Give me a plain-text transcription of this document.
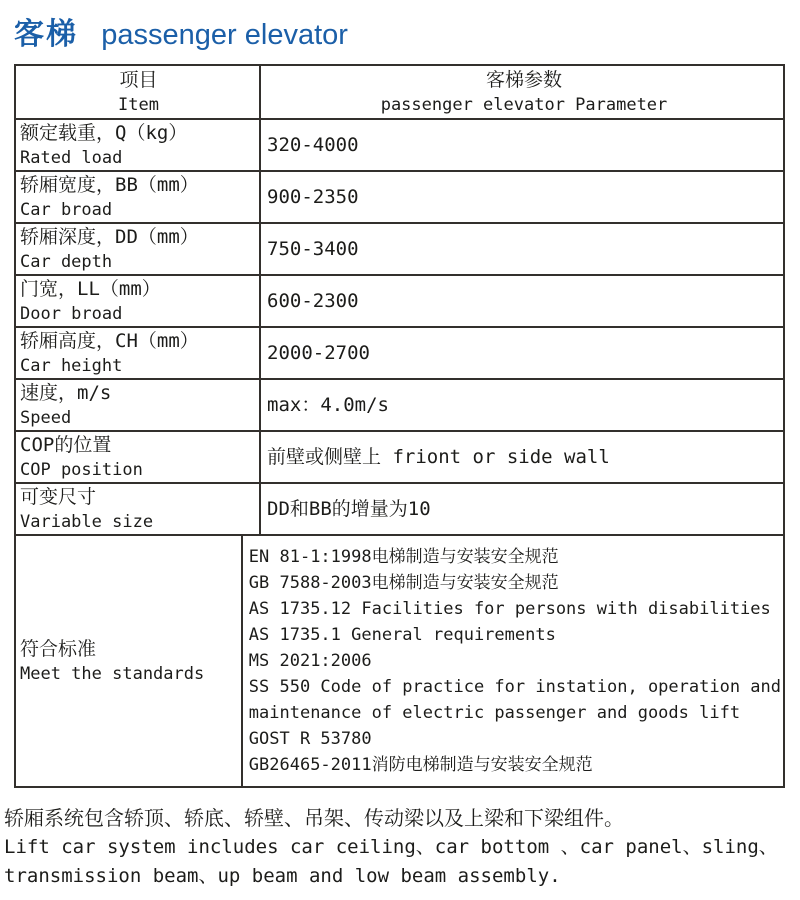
客梯 passenger elevator
项目
Item
客梯参数
passenger elevator Parameter
额定载重，Q（kg）
Rated load
320-4000
轿厢宽度，BB（mm）
Car broad
900-2350
轿厢深度，DD（mm）
Car depth
750-3400
门宽，LL（mm）
Door broad
600-2300
轿厢高度，CH（mm）
Car height
2000-2700
速度，m/s
Speed
max：4.0m/s
COP的位置
COP position
前壁或侧壁上 friont or side wall
可变尺寸
Variable size
DD和BB的增量为10
符合标准
Meet the standards
EN 81-1:1998电梯制造与安装安全规范
GB 7588-2003电梯制造与安装安全规范
AS 1735.12 Facilities for persons with disabilities
AS 1735.1 General requirements
MS 2021:2006
SS 550 Code of practice for instation, operation and
maintenance of electric passenger and goods lift
GOST R 53780
GB26465-2011消防电梯制造与安装安全规范
轿厢系统包含轿顶、轿底、轿壁、吊架、传动梁以及上梁和下梁组件。
Lift car system includes car ceiling、car bottom 、car panel、sling、
transmission beam、up beam and low beam assembly.
